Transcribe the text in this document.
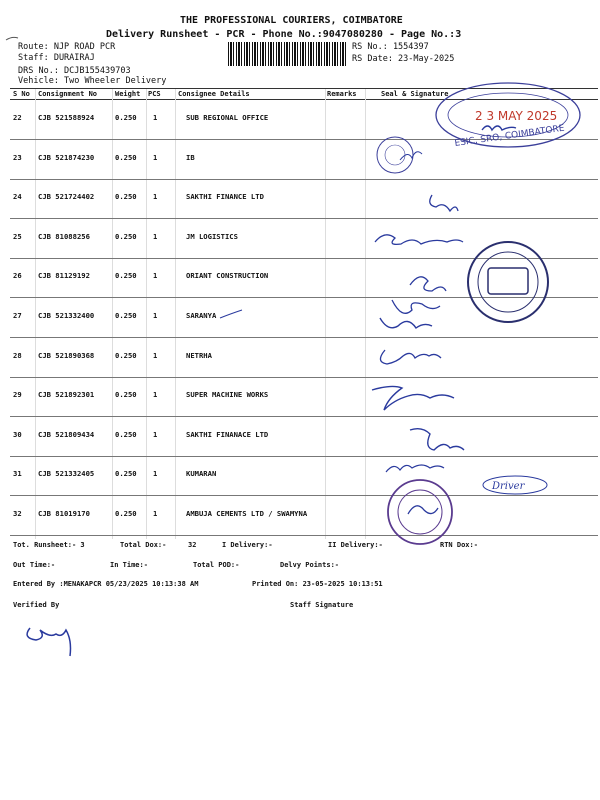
THE PROFESSIONAL COURIERS, COIMBATORE
Delivery Runsheet - PCR - Phone No.:9047080280 - Page No.:3
Route: NJP ROAD PCR
Staff: DURAIRAJ
DRS No.: DCJB155439703
Vehicle: Two Wheeler Delivery
RS No.: 1554397
RS Date: 23-May-2025
S No Consignment No	Weight PCS Consignee Details	Remarks	Seal & Signature
22 CJB 521588924	0.250 1	SUB REGIONAL OFFICE
23 CJB 521874230	0.250 1	IB
24 CJB 521724402	0.250 1	SAKTHI FINANCE LTD
25 CJB 81088256	0.250 1	JM LOGISTICS
26 CJB 81129192	0.250 1	ORIANT CONSTRUCTION
27 CJB 521332400	0.250 1	SARANYA
28 CJB 521890368	0.250 1	NETRHA
29 CJB 521892301	0.250 1	SUPER MACHINE WORKS
30 CJB 521809434	0.250 1	SAKTHI FINANACE LTD
31 CJB 521332405	0.250 1	KUMARAN
32 CJB 81019170	0.250 1	AMBUJA CEMENTS LTD / SWAMYNA
Tot. Runsheet:- 3	Total Dox:-	32	I Delivery:-	II Delivery:-	RTN Dox:-
Out Time:-	In Time:-	Total POD:-	Delvy Points:-
Entered By :MENAKAPCR 05/23/2025 10:13:38 AM	Printed On: 23-05-2025 10:13:51
Verified By	Staff Signature
2 3 MAY 2025
ESIC, SRO, COIMBATORE
Driver
